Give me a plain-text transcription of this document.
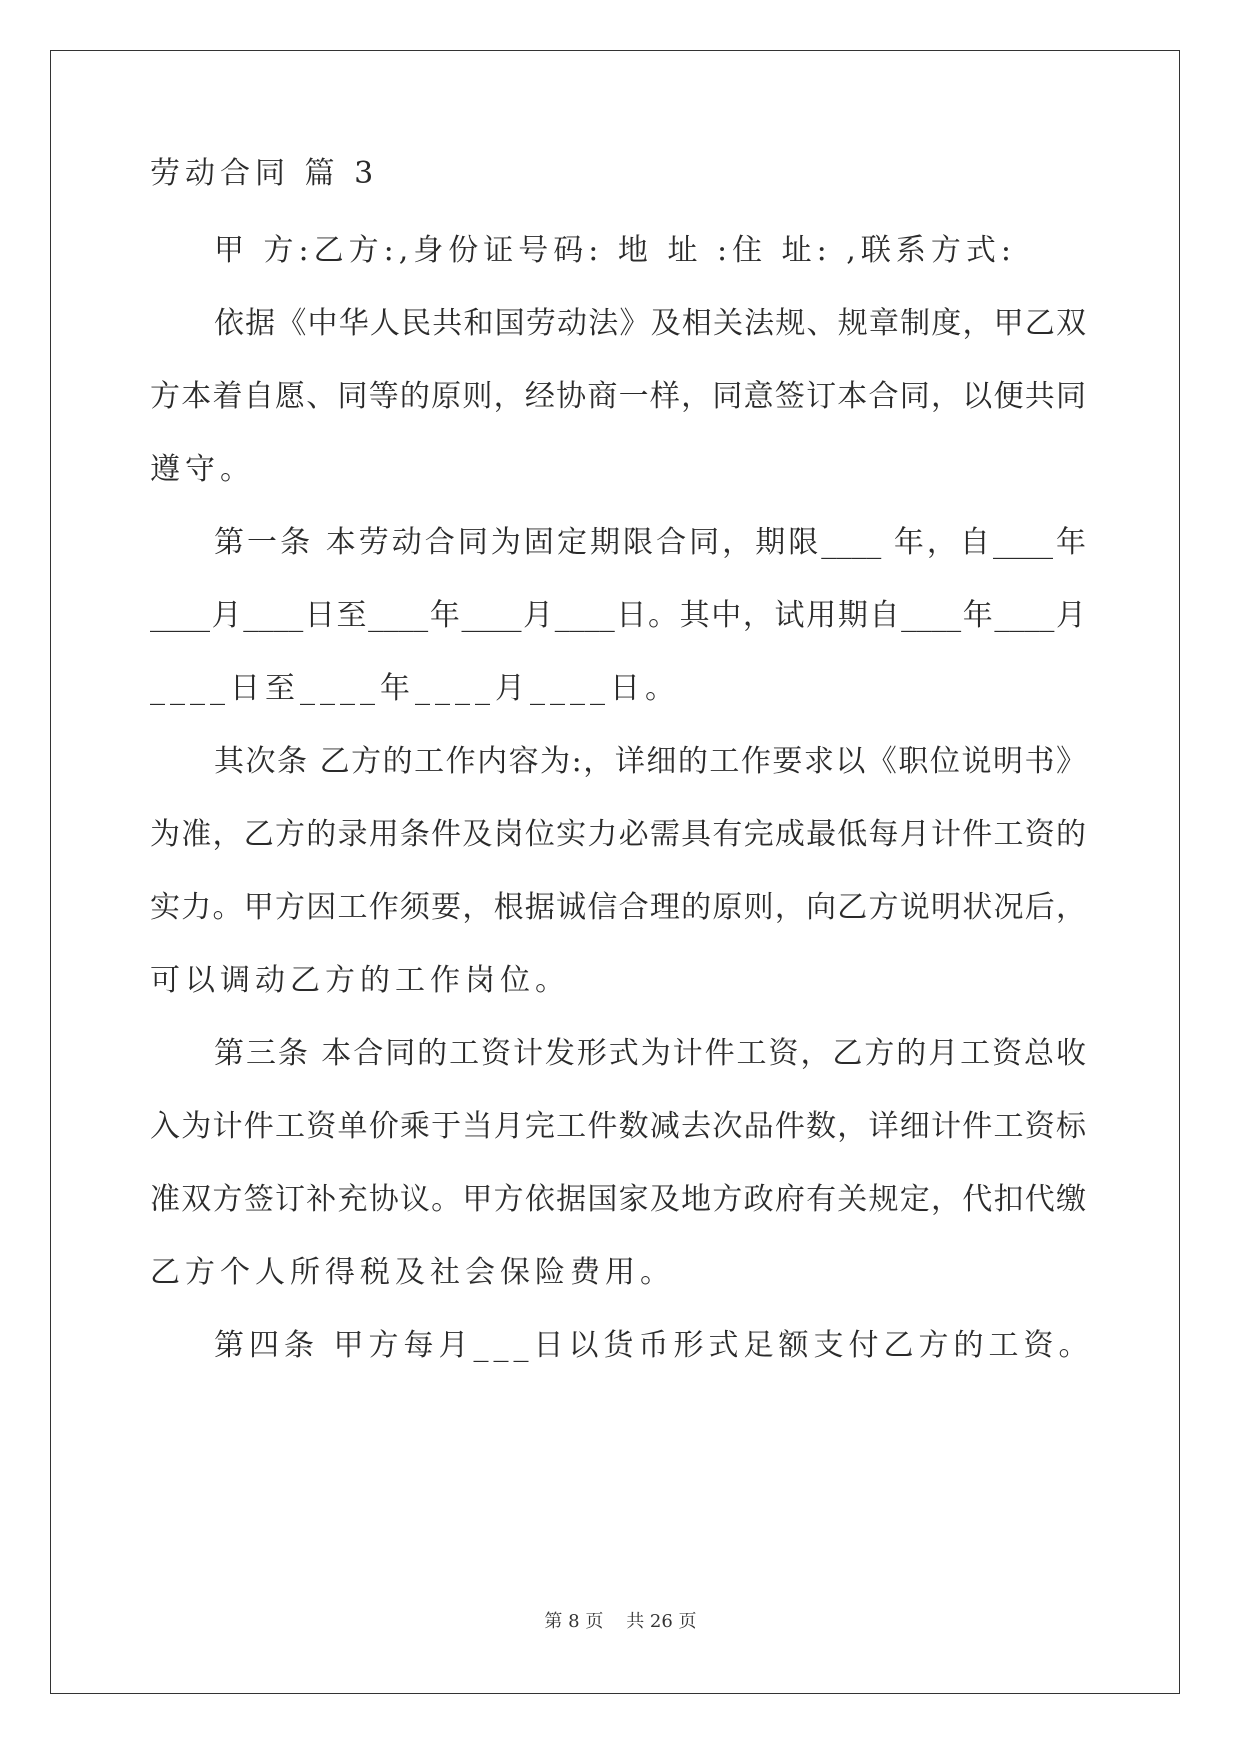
劳动合同 篇 3
甲 方:乙方:,身份证号码: 地 址 :住 址: ,联系方式:
依据《中华人民共和国劳动法》及相关法规、规章制度，甲乙双
方本着自愿、同等的原则，经协商一样，同意签订本合同，以便共同
遵守。
第一条 本劳动合同为固定期限合同，期限____ 年，自____年
____月____日至____年____月____日。其中，试用期自____年____月
____日至____年____月____日。
其次条 乙方的工作内容为:，详细的工作要求以《职位说明书》
为准，乙方的录用条件及岗位实力必需具有完成最低每月计件工资的
实力。甲方因工作须要，根据诚信合理的原则，向乙方说明状况后，
可以调动乙方的工作岗位。
第三条 本合同的工资计发形式为计件工资，乙方的月工资总收
入为计件工资单价乘于当月完工件数减去次品件数，详细计件工资标
准双方签订补充协议。甲方依据国家及地方政府有关规定，代扣代缴
乙方个人所得税及社会保险费用。
第四条 甲方每月___日以货币形式足额支付乙方的工资。
第 8 页    共 26 页
